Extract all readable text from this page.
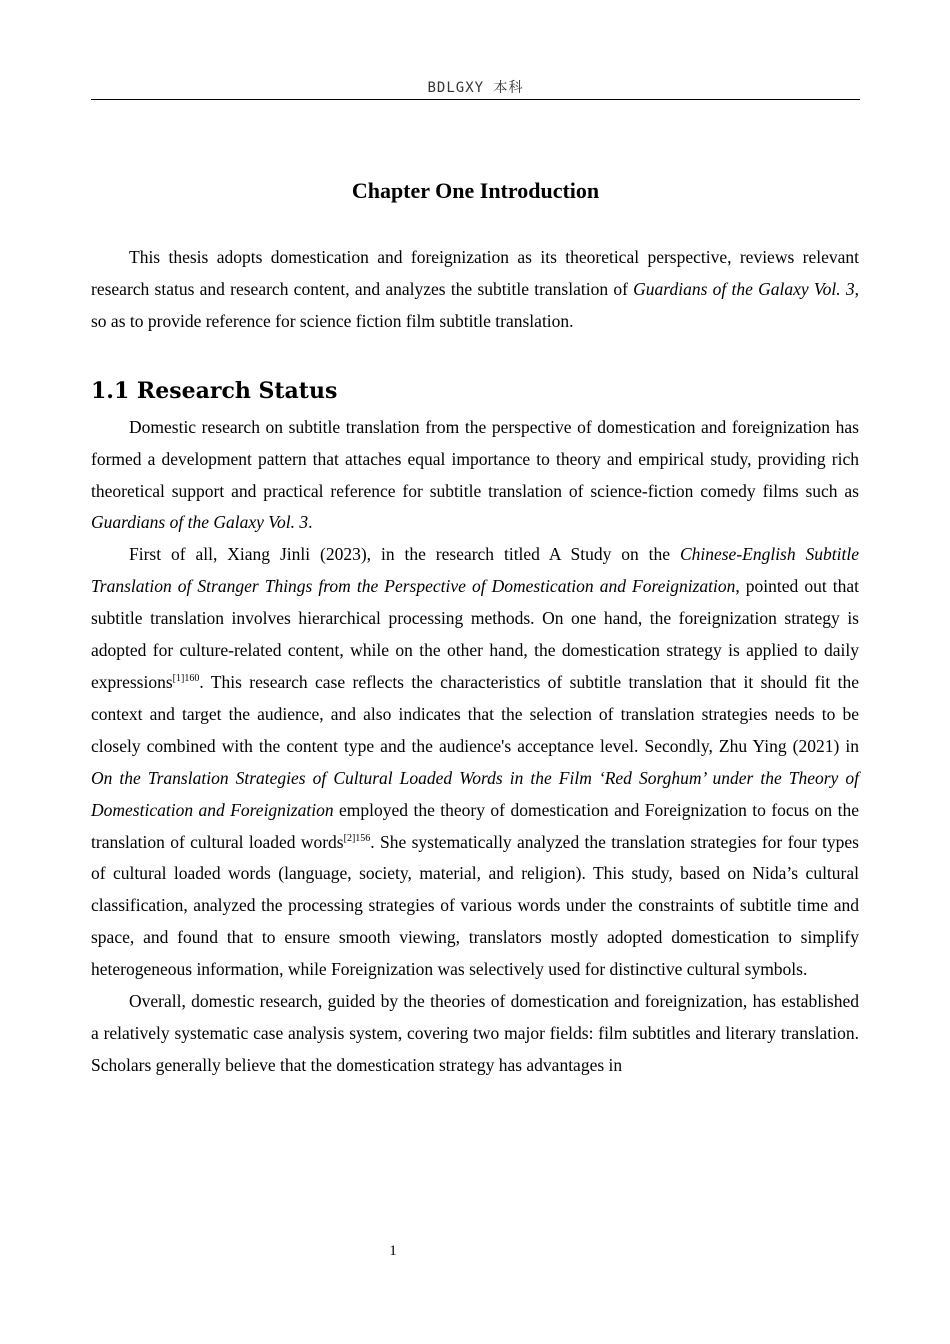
BDLGXY 本科
Chapter One Introduction

This thesis adopts domestication and foreignization as its theoretical perspective, reviews relevant research status and research content, and analyzes the subtitle translation of Guardians of the Galaxy Vol. 3, so as to provide reference for science fiction film subtitle translation.

1.1 Research Status

Domestic research on subtitle translation from the perspective of domestication and foreignization has formed a development pattern that attaches equal importance to theory and empirical study, providing rich theoretical support and practical reference for subtitle translation of science-fiction comedy films such as Guardians of the Galaxy Vol. 3.

First of all, Xiang Jinli (2023), in the research titled A Study on the Chinese-English Subtitle Translation of Stranger Things from the Perspective of Domestication and Foreignization, pointed out that subtitle translation involves hierarchical processing methods. On one hand, the foreignization strategy is adopted for culture-related content, while on the other hand, the domestication strategy is applied to daily expressions$^{[1]160}$. This research case reflects the characteristics of subtitle translation that it should fit the context and target the audience, and also indicates that the selection of translation strategies needs to be closely combined with the content type and the audience's acceptance level. Secondly, Zhu Ying (2021) in On the Translation Strategies of Cultural Loaded Words in the Film ‘Red Sorghum’ under the Theory of Domestication and Foreignization employed the theory of domestication and Foreignization to focus on the translation of cultural loaded words$^{[2]156}$. She systematically analyzed the translation strategies for four types of cultural loaded words (language, society, material, and religion). This study, based on Nida’s cultural classification, analyzed the processing strategies of various words under the constraints of subtitle time and space, and found that to ensure smooth viewing, translators mostly adopted domestication to simplify heterogeneous information, while Foreignization was selectively used for distinctive cultural symbols.

Overall, domestic research, guided by the theories of domestication and foreignization, has established a relatively systematic case analysis system, covering two major fields: film subtitles and literary translation. Scholars generally believe that the domestication strategy has advantages in

1
